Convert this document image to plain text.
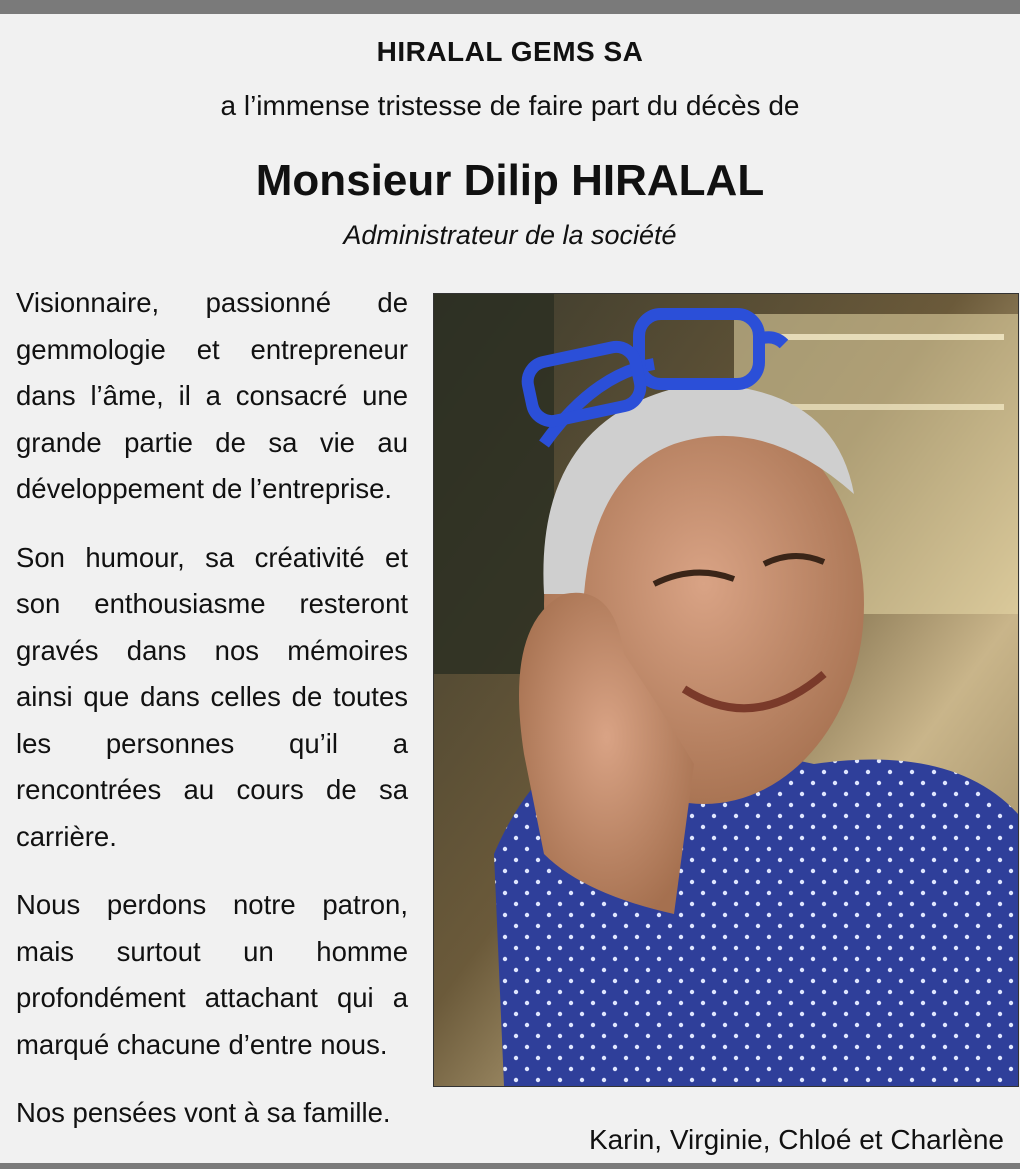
HIRALAL GEMS SA
a l’immense tristesse de faire part du décès de
Monsieur Dilip HIRALAL
Administrateur de la société

Visionnaire, passionné de gemmologie et entrepreneur dans l’âme, il a consacré une grande partie de sa vie au développement de l’entreprise.

Son humour, sa créativité et son enthousiasme resteront gravés dans nos mémoires ainsi que dans celles de toutes les personnes qu’il a rencontrées au cours de sa carrière.

Nous perdons notre patron, mais surtout un homme profondément attachant qui a marqué chacune d’entre nous.

Nos pensées vont à sa famille.

Karin, Virginie, Chloé et Charlène
